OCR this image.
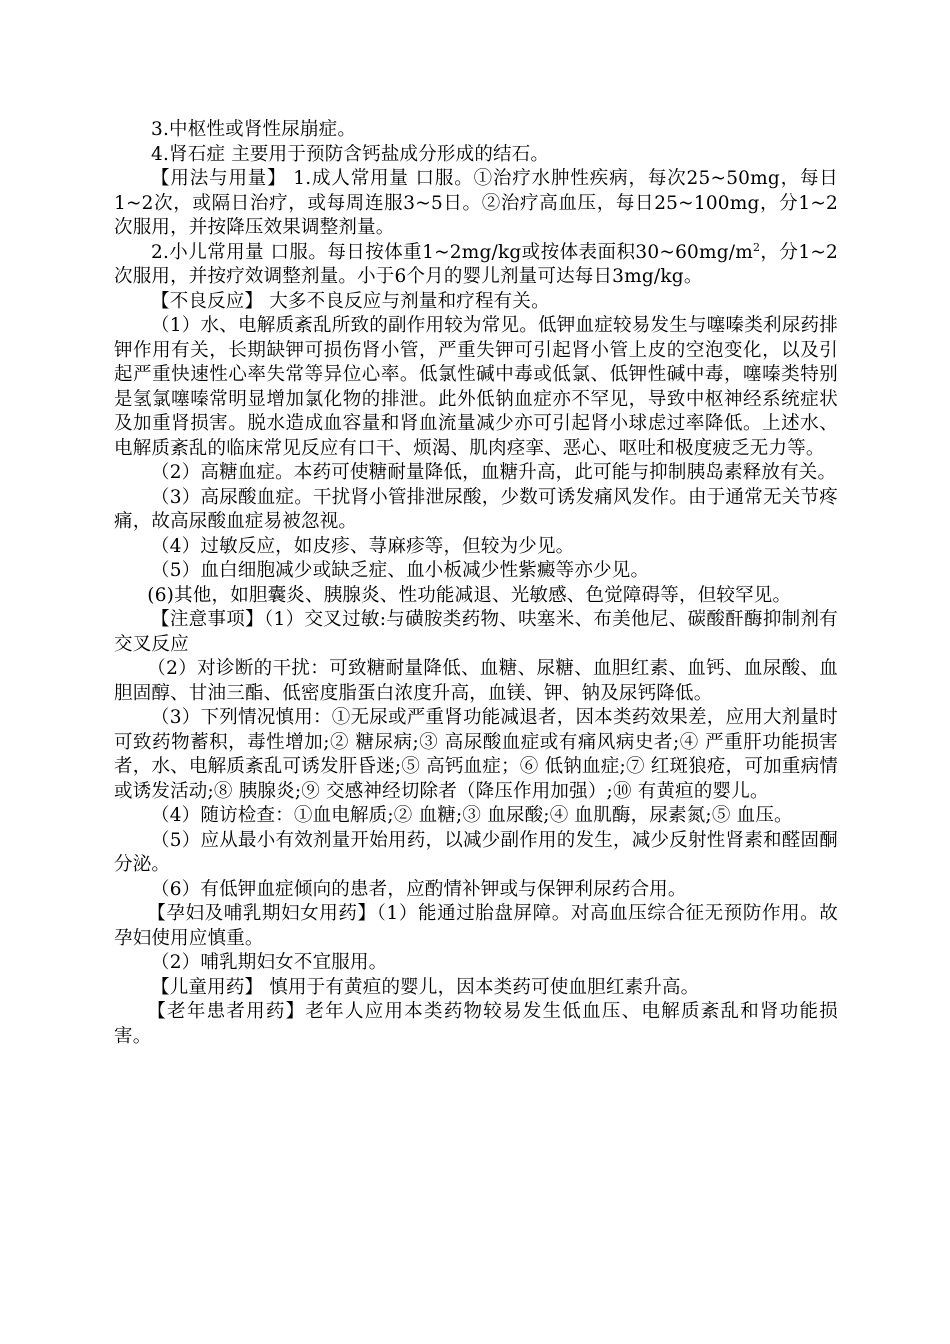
3.中枢性或肾性尿崩症。

4.肾石症 主要用于预防含钙盐成分形成的结石。

【用法与用量】 1.成人常用量 口服。①治疗水肿性疾病，每次25~50mg，每日1~2次，或隔日治疗，或每周连服3~5日。②治疗高血压，每日25~100mg，分1~2次服用，并按降压效果调整剂量。

2.小儿常用量 口服。每日按体重1~2mg/kg或按体表面积$30\sim 60mg/m^2$，分1~2次服用，并按疗效调整剂量。小于6个月的婴儿剂量可达每日3mg/kg。

【不良反应】 大多不良反应与剂量和疗程有关。

（1）水、电解质紊乱所致的副作用较为常见。低钾血症较易发生与噻嗪类利尿药排钾作用有关，长期缺钾可损伤肾小管，严重失钾可引起肾小管上皮的空泡变化，以及引起严重快速性心率失常等异位心率。低氯性碱中毒或低氯、低钾性碱中毒，噻嗪类特别是氢氯噻嗪常明显增加氯化物的排泄。此外低钠血症亦不罕见，导致中枢神经系统症状及加重肾损害。脱水造成血容量和肾血流量减少亦可引起肾小球虑过率降低。上述水、电解质紊乱的临床常见反应有口干、烦渴、肌肉痉挛、恶心、呕吐和极度疲乏无力等。

（2）高糖血症。本药可使糖耐量降低，血糖升高，此可能与抑制胰岛素释放有关。

（3）高尿酸血症。干扰肾小管排泄尿酸，少数可诱发痛风发作。由于通常无关节疼痛，故高尿酸血症易被忽视。

（4）过敏反应，如皮疹、荨麻疹等，但较为少见。

（5）血白细胞减少或缺乏症、血小板减少性紫癜等亦少见。

(6)其他，如胆囊炎、胰腺炎、性功能减退、光敏感、色觉障碍等，但较罕见。

【注意事项】（1）交叉过敏:与磺胺类药物、呋塞米、布美他尼、碳酸酐酶抑制剂有交叉反应

（2）对诊断的干扰：可致糖耐量降低、血糖、尿糖、血胆红素、血钙、血尿酸、血胆固醇、甘油三酯、低密度脂蛋白浓度升高，血镁、钾、钠及尿钙降低。

（3）下列情况慎用：①无尿或严重肾功能减退者，因本类药效果差，应用大剂量时可致药物蓄积，毒性增加;② 糖尿病;③ 高尿酸血症或有痛风病史者;④ 严重肝功能损害者，水、电解质紊乱可诱发肝昏迷;⑤ 高钙血症；⑥ 低钠血症;⑦ 红斑狼疮，可加重病情或诱发活动;⑧ 胰腺炎;⑨ 交感神经切除者（降压作用加强）;⑩ 有黄疸的婴儿。

（4）随访检查：①血电解质;② 血糖;③ 血尿酸;④ 血肌酶，尿素氮;⑤ 血压。

（5）应从最小有效剂量开始用药，以减少副作用的发生，减少反射性肾素和醛固酮分泌。

（6）有低钾血症倾向的患者，应酌情补钾或与保钾利尿药合用。

【孕妇及哺乳期妇女用药】（1）能通过胎盘屏障。对高血压综合征无预防作用。故孕妇使用应慎重。

（2）哺乳期妇女不宜服用。

【儿童用药】 慎用于有黄疸的婴儿，因本类药可使血胆红素升高。

【老年患者用药】老年人应用本类药物较易发生低血压、电解质紊乱和肾功能损害。
